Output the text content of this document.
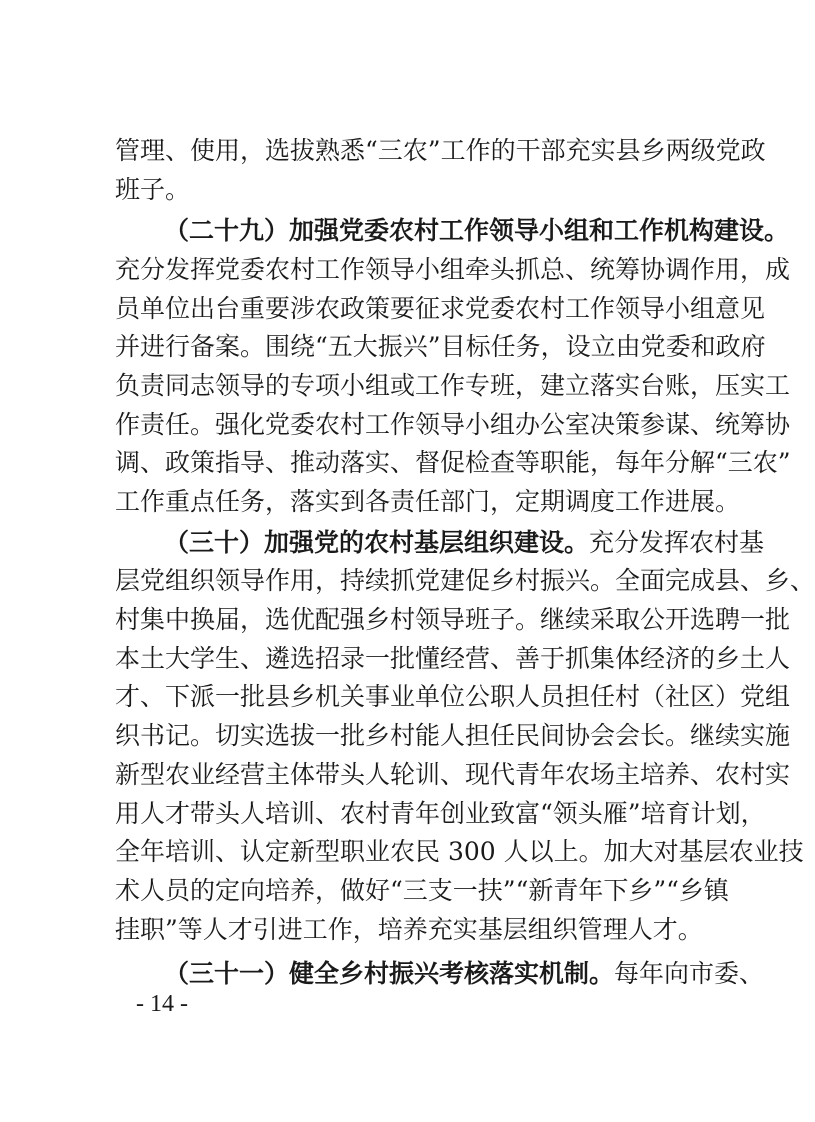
管理、使用，选拔熟悉“三农”工作的干部充实县乡两级党政
班子。
（二十九）加强党委农村工作领导小组和工作机构建设。
充分发挥党委农村工作领导小组牵头抓总、统筹协调作用，成
员单位出台重要涉农政策要征求党委农村工作领导小组意见
并进行备案。围绕“五大振兴”目标任务，设立由党委和政府
负责同志领导的专项小组或工作专班，建立落实台账，压实工
作责任。强化党委农村工作领导小组办公室决策参谋、统筹协
调、政策指导、推动落实、督促检查等职能，每年分解“三农”
工作重点任务，落实到各责任部门，定期调度工作进展。
（三十）加强党的农村基层组织建设。充分发挥农村基
层党组织领导作用，持续抓党建促乡村振兴。全面完成县、乡、
村集中换届，选优配强乡村领导班子。继续采取公开选聘一批
本土大学生、遴选招录一批懂经营、善于抓集体经济的乡土人
才、下派一批县乡机关事业单位公职人员担任村（社区）党组
织书记。切实选拔一批乡村能人担任民间协会会长。继续实施
新型农业经营主体带头人轮训、现代青年农场主培养、农村实
用人才带头人培训、农村青年创业致富“领头雁”培育计划，
全年培训、认定新型职业农民 300 人以上。加大对基层农业技
术人员的定向培养，做好“三支一扶”“新青年下乡”“乡镇
挂职”等人才引进工作，培养充实基层组织管理人才。
（三十一）健全乡村振兴考核落实机制。每年向市委、
- 14 -
